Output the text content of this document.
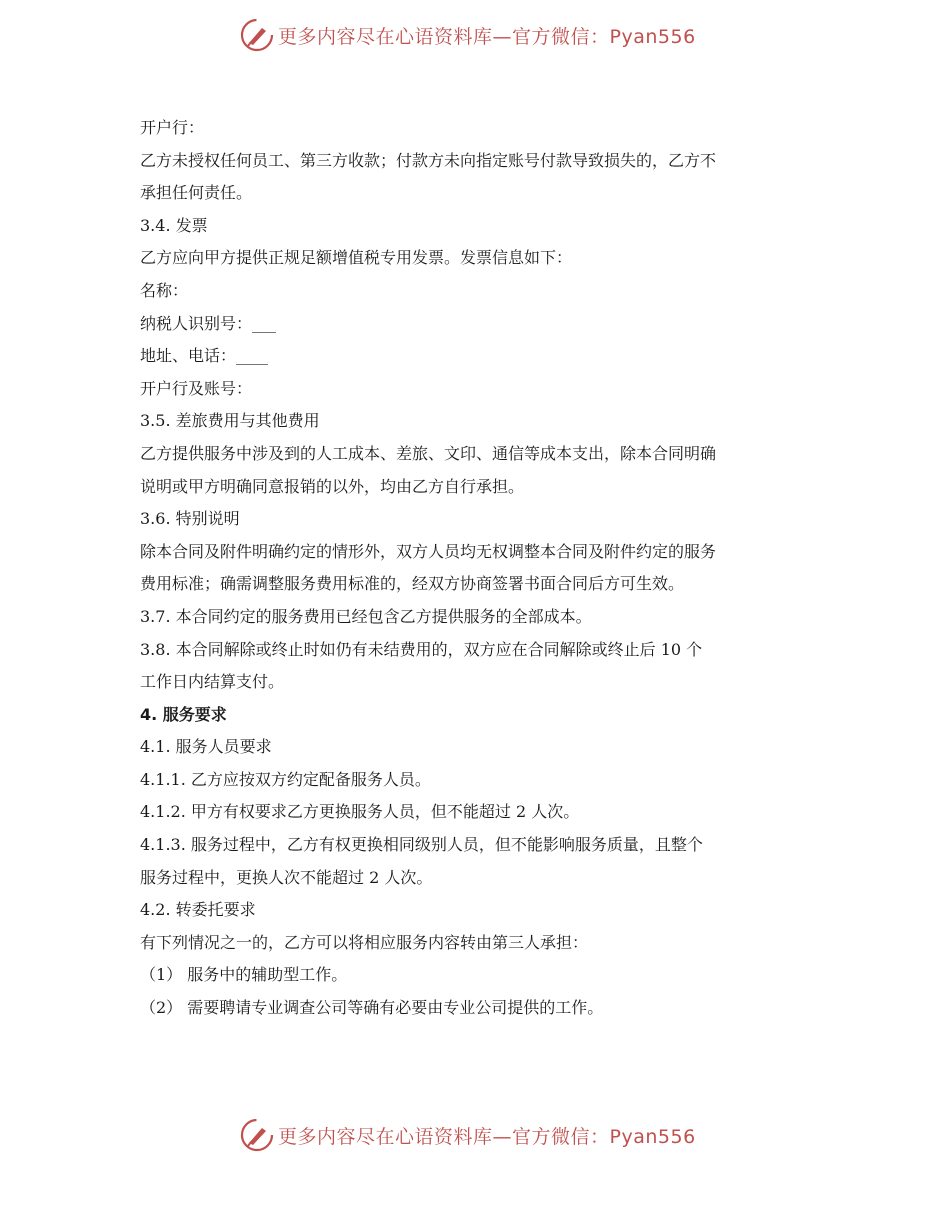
更多内容尽在心语资料库—官方微信：Pyan556
开户行：
乙方未授权任何员工、第三方收款；付款方未向指定账号付款导致损失的，乙方不
承担任何责任。
3.4. 发票
乙方应向甲方提供正规足额增值税专用发票。发票信息如下：
名称：
纳税人识别号：___
地址、电话：____
开户行及账号：
3.5. 差旅费用与其他费用
乙方提供服务中涉及到的人工成本、差旅、文印、通信等成本支出，除本合同明确
说明或甲方明确同意报销的以外，均由乙方自行承担。
3.6. 特别说明
除本合同及附件明确约定的情形外，双方人员均无权调整本合同及附件约定的服务
费用标准；确需调整服务费用标准的，经双方协商签署书面合同后方可生效。
3.7. 本合同约定的服务费用已经包含乙方提供服务的全部成本。
3.8. 本合同解除或终止时如仍有未结费用的，双方应在合同解除或终止后 10 个
工作日内结算支付。
4. 服务要求
4.1. 服务人员要求
4.1.1. 乙方应按双方约定配备服务人员。
4.1.2. 甲方有权要求乙方更换服务人员，但不能超过 2 人次。
4.1.3. 服务过程中，乙方有权更换相同级别人员，但不能影响服务质量，且整个
服务过程中，更换人次不能超过 2 人次。
4.2. 转委托要求
有下列情况之一的，乙方可以将相应服务内容转由第三人承担：
（1） 服务中的辅助型工作。
（2） 需要聘请专业调查公司等确有必要由专业公司提供的工作。
更多内容尽在心语资料库—官方微信：Pyan556
